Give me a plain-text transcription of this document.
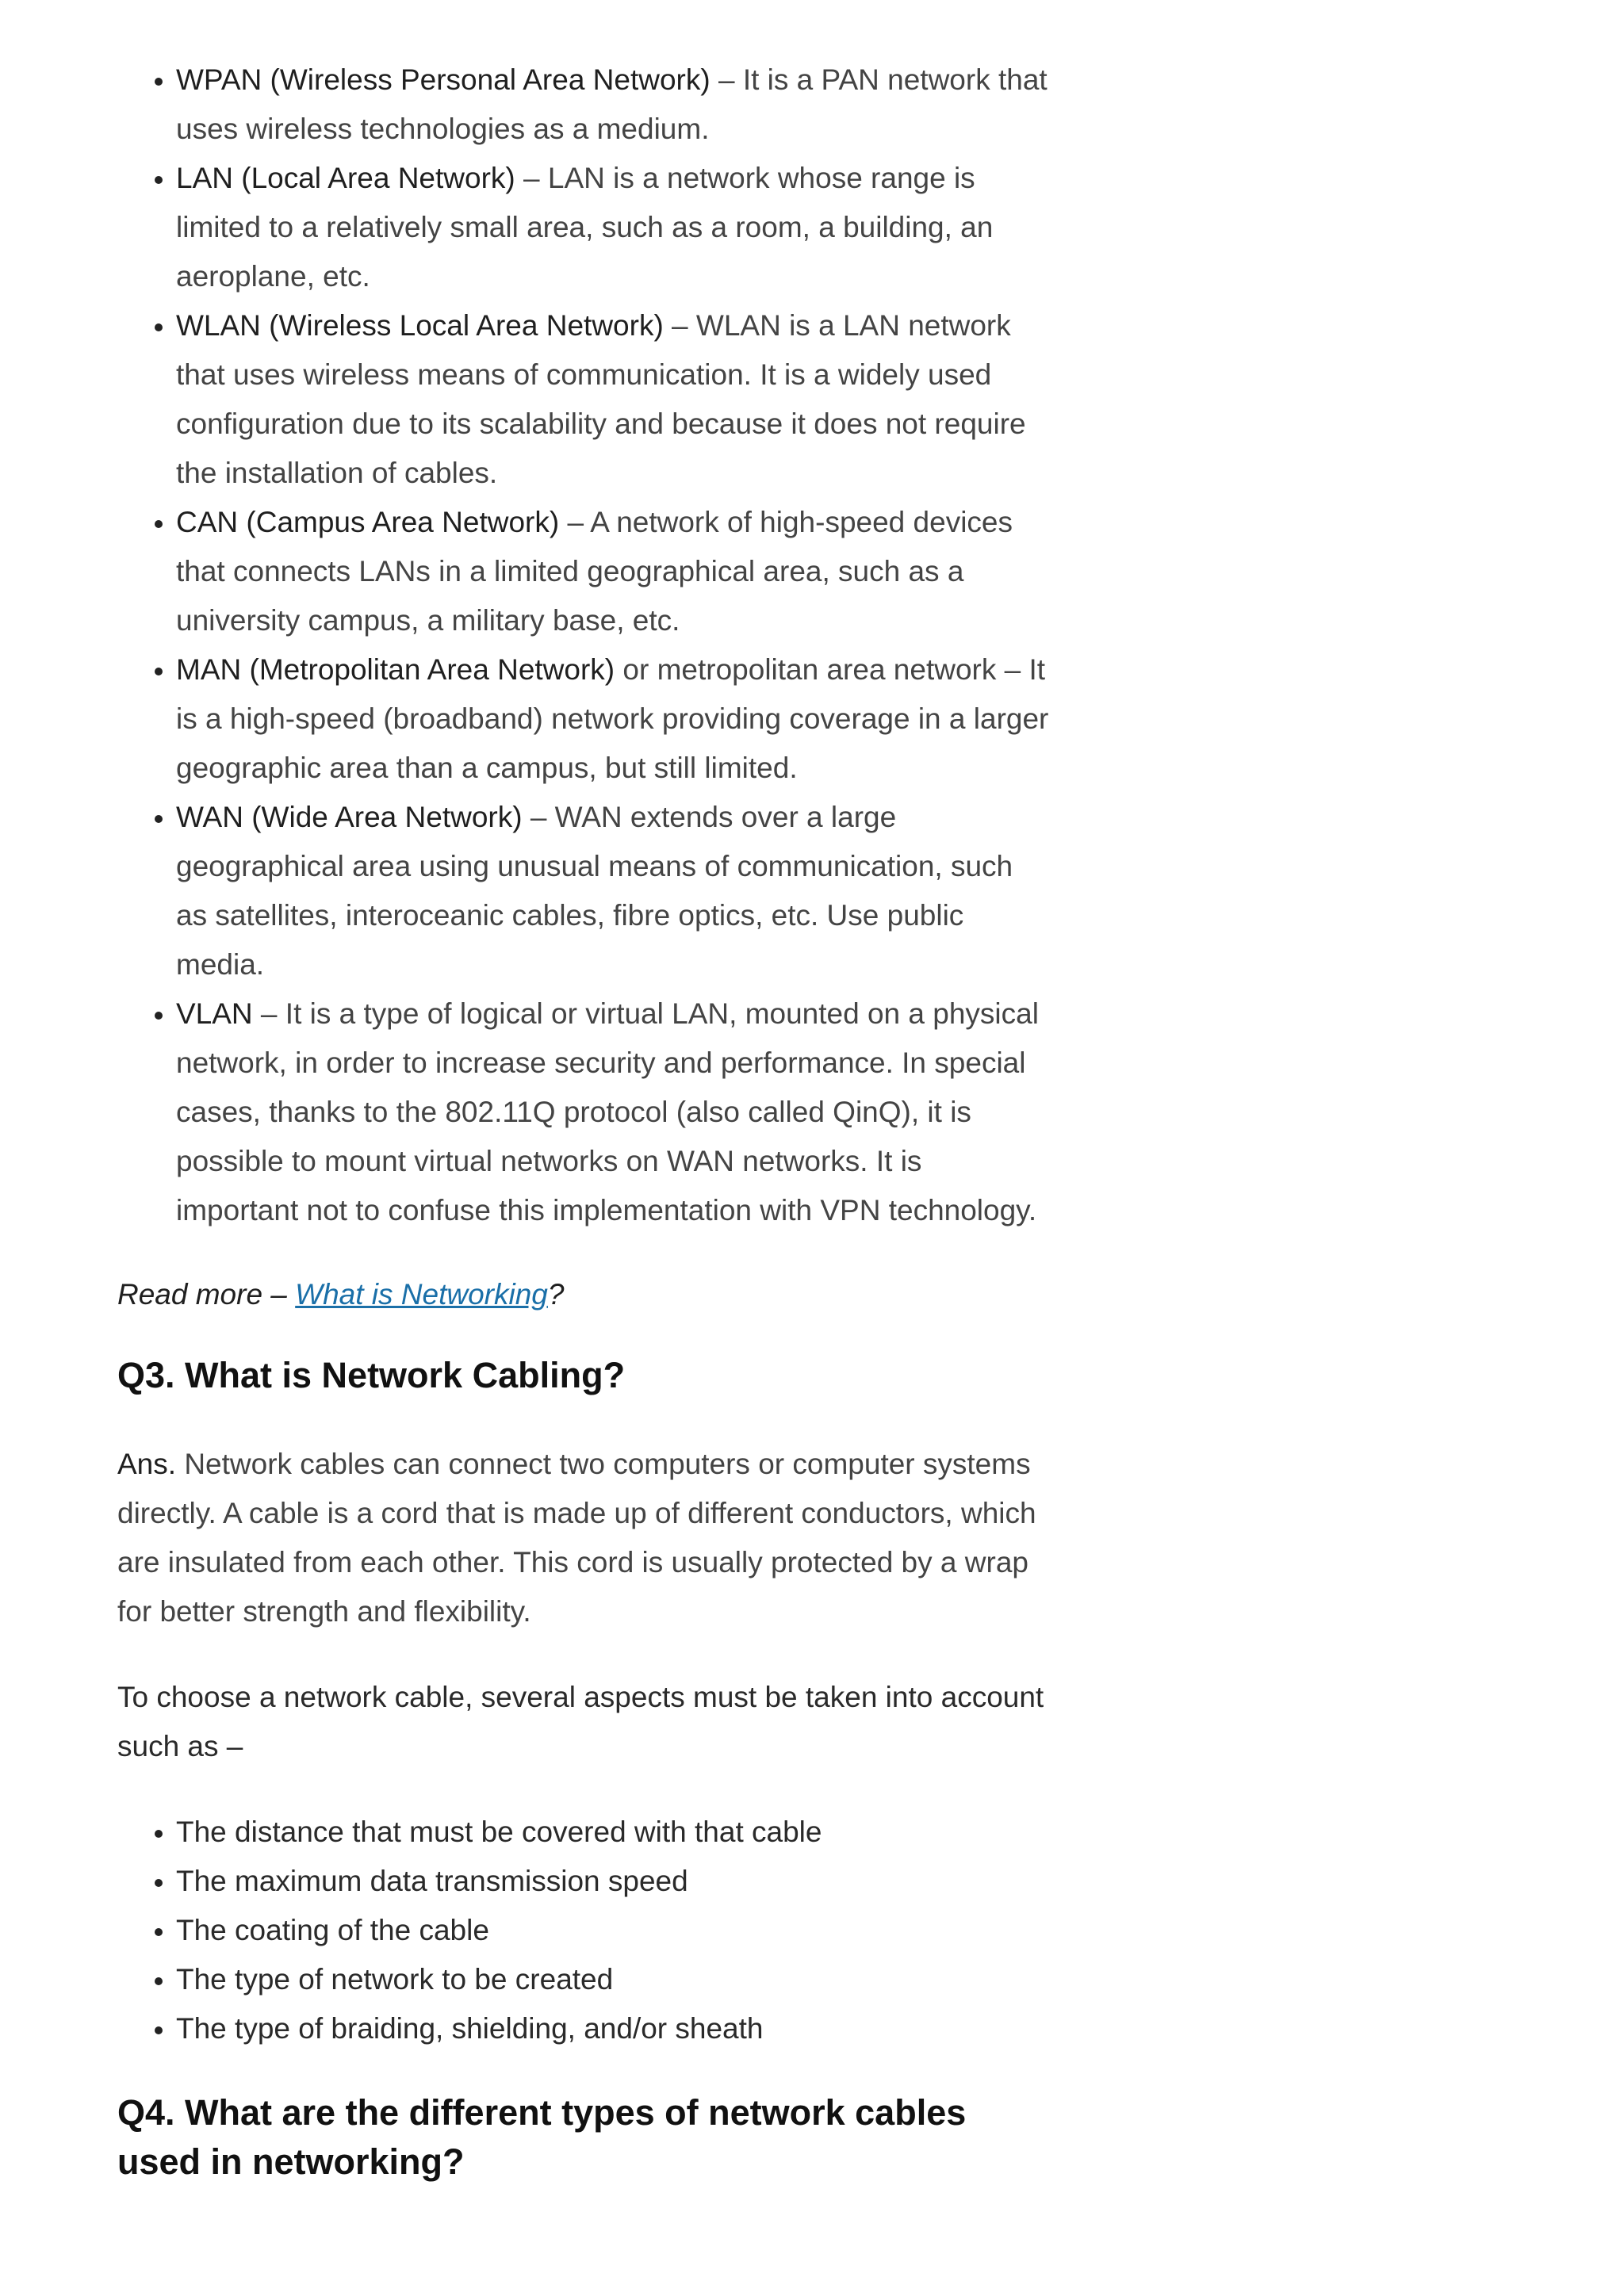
• WPAN (Wireless Personal Area Network) – It is a PAN network that uses wireless technologies as a medium.
• LAN (Local Area Network) – LAN is a network whose range is limited to a relatively small area, such as a room, a building, an aeroplane, etc.
• WLAN (Wireless Local Area Network) – WLAN is a LAN network that uses wireless means of communication. It is a widely used configuration due to its scalability and because it does not require the installation of cables.
• CAN (Campus Area Network) – A network of high-speed devices that connects LANs in a limited geographical area, such as a university campus, a military base, etc.
• MAN (Metropolitan Area Network) or metropolitan area network – It is a high-speed (broadband) network providing coverage in a larger geographic area than a campus, but still limited.
• WAN (Wide Area Network) – WAN extends over a large geographical area using unusual means of communication, such as satellites, interoceanic cables, fibre optics, etc. Use public media.
• VLAN – It is a type of logical or virtual LAN, mounted on a physical network, in order to increase security and performance. In special cases, thanks to the 802.11Q protocol (also called QinQ), it is possible to mount virtual networks on WAN networks. It is important not to confuse this implementation with VPN technology.

Read more – What is Networking?

Q3. What is Network Cabling?

Ans. Network cables can connect two computers or computer systems directly. A cable is a cord that is made up of different conductors, which are insulated from each other. This cord is usually protected by a wrap for better strength and flexibility.

To choose a network cable, several aspects must be taken into account such as –

• The distance that must be covered with that cable
• The maximum data transmission speed
• The coating of the cable
• The type of network to be created
• The type of braiding, shielding, and/or sheath
Q4. What are the different types of network cables used in networking?
